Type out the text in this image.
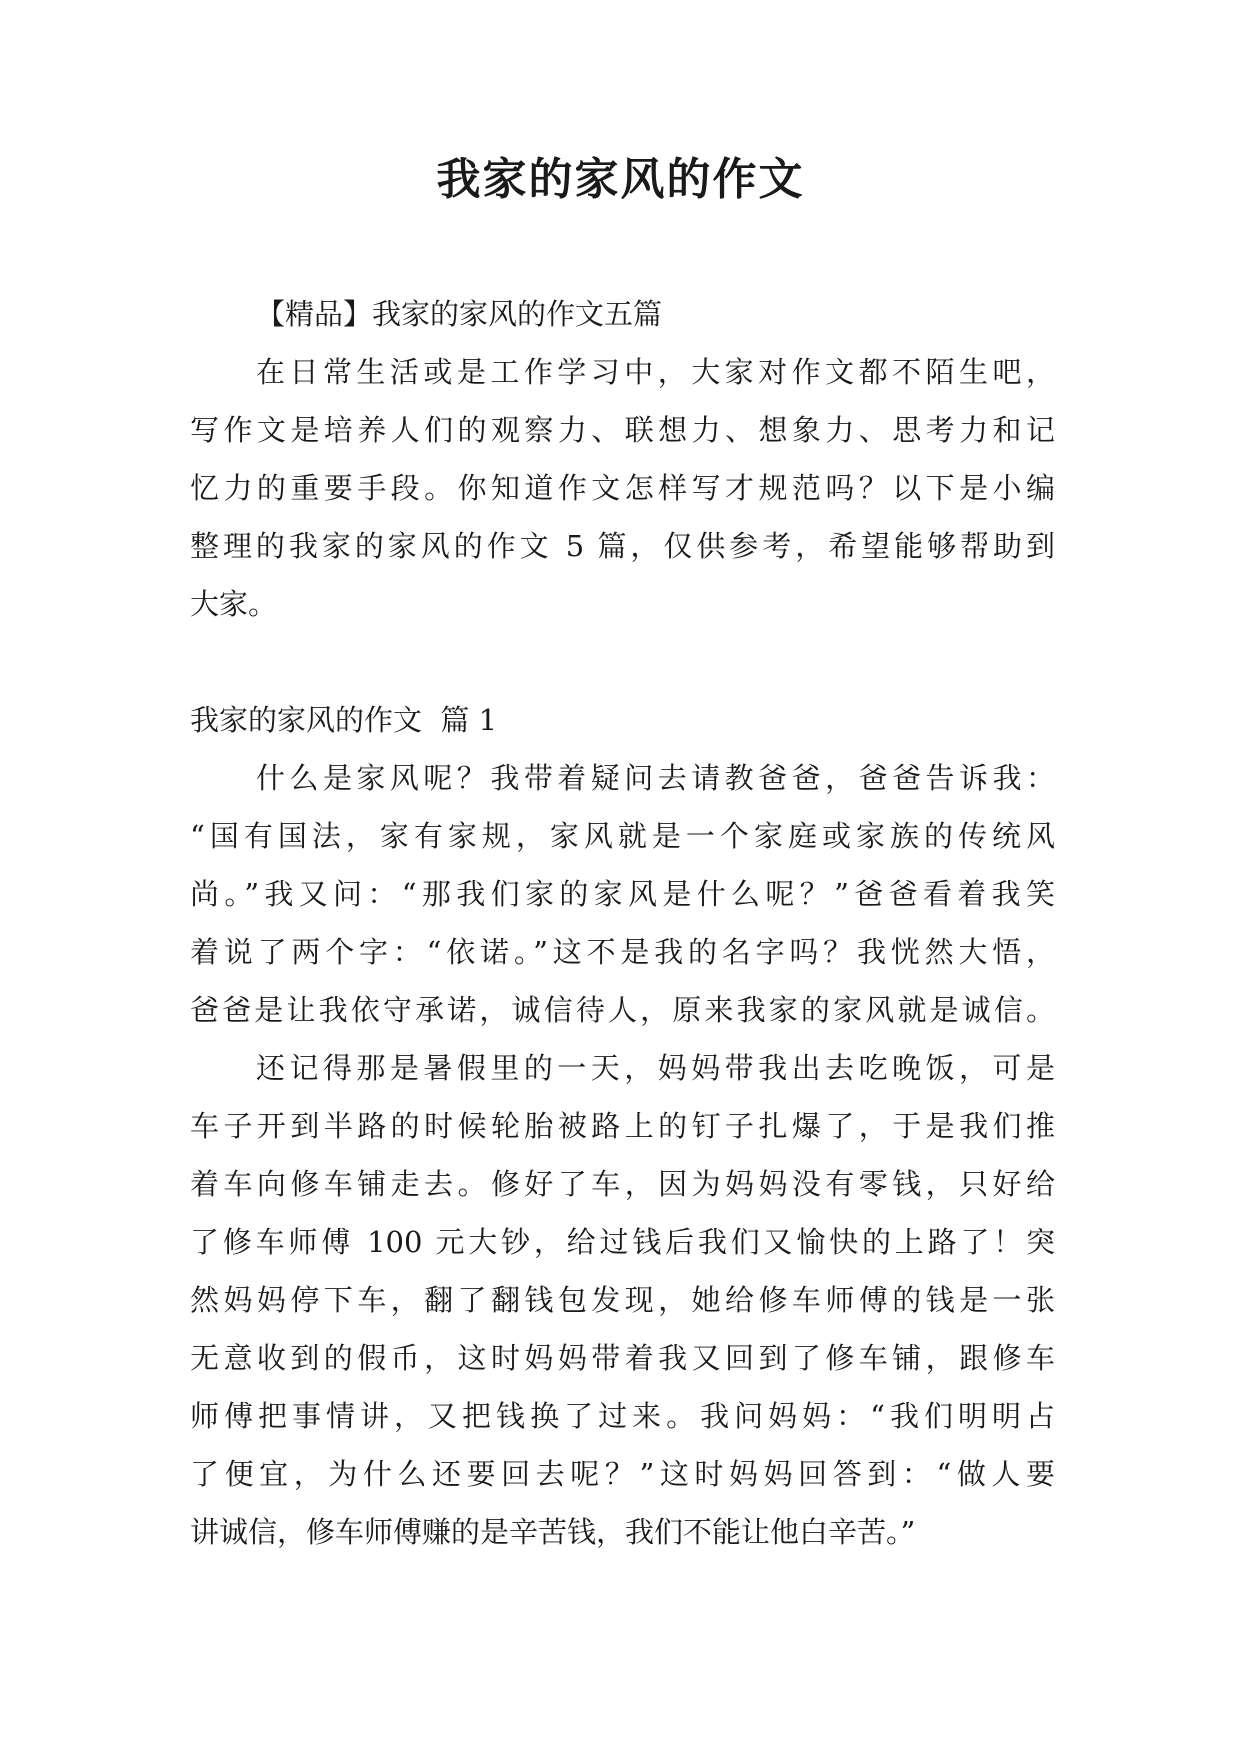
我家的家风的作文
【精品】我家的家风的作文五篇
在日常生活或是工作学习中，大家对作文都不陌生吧，
写作文是培养人们的观察力、联想力、想象力、思考力和记
忆力的重要手段。你知道作文怎样写才规范吗？以下是小编
整理的我家的家风的作文 5 篇，仅供参考，希望能够帮助到
大家。
我家的家风的作文  篇 1
什么是家风呢？我带着疑问去请教爸爸，爸爸告诉我：
“国有国法，家有家规，家风就是一个家庭或家族的传统风
尚。”我又问：“那我们家的家风是什么呢？”爸爸看着我笑
着说了两个字：“依诺。”这不是我的名字吗？我恍然大悟，
爸爸是让我依守承诺，诚信待人，原来我家的家风就是诚信。
还记得那是暑假里的一天，妈妈带我出去吃晚饭，可是
车子开到半路的时候轮胎被路上的钉子扎爆了，于是我们推
着车向修车铺走去。修好了车，因为妈妈没有零钱，只好给
了修车师傅 100 元大钞，给过钱后我们又愉快的上路了！突
然妈妈停下车，翻了翻钱包发现，她给修车师傅的钱是一张
无意收到的假币，这时妈妈带着我又回到了修车铺，跟修车
师傅把事情讲，又把钱换了过来。我问妈妈：“我们明明占
了便宜，为什么还要回去呢？”这时妈妈回答到：“做人要
讲诚信，修车师傅赚的是辛苦钱，我们不能让他白辛苦。”
